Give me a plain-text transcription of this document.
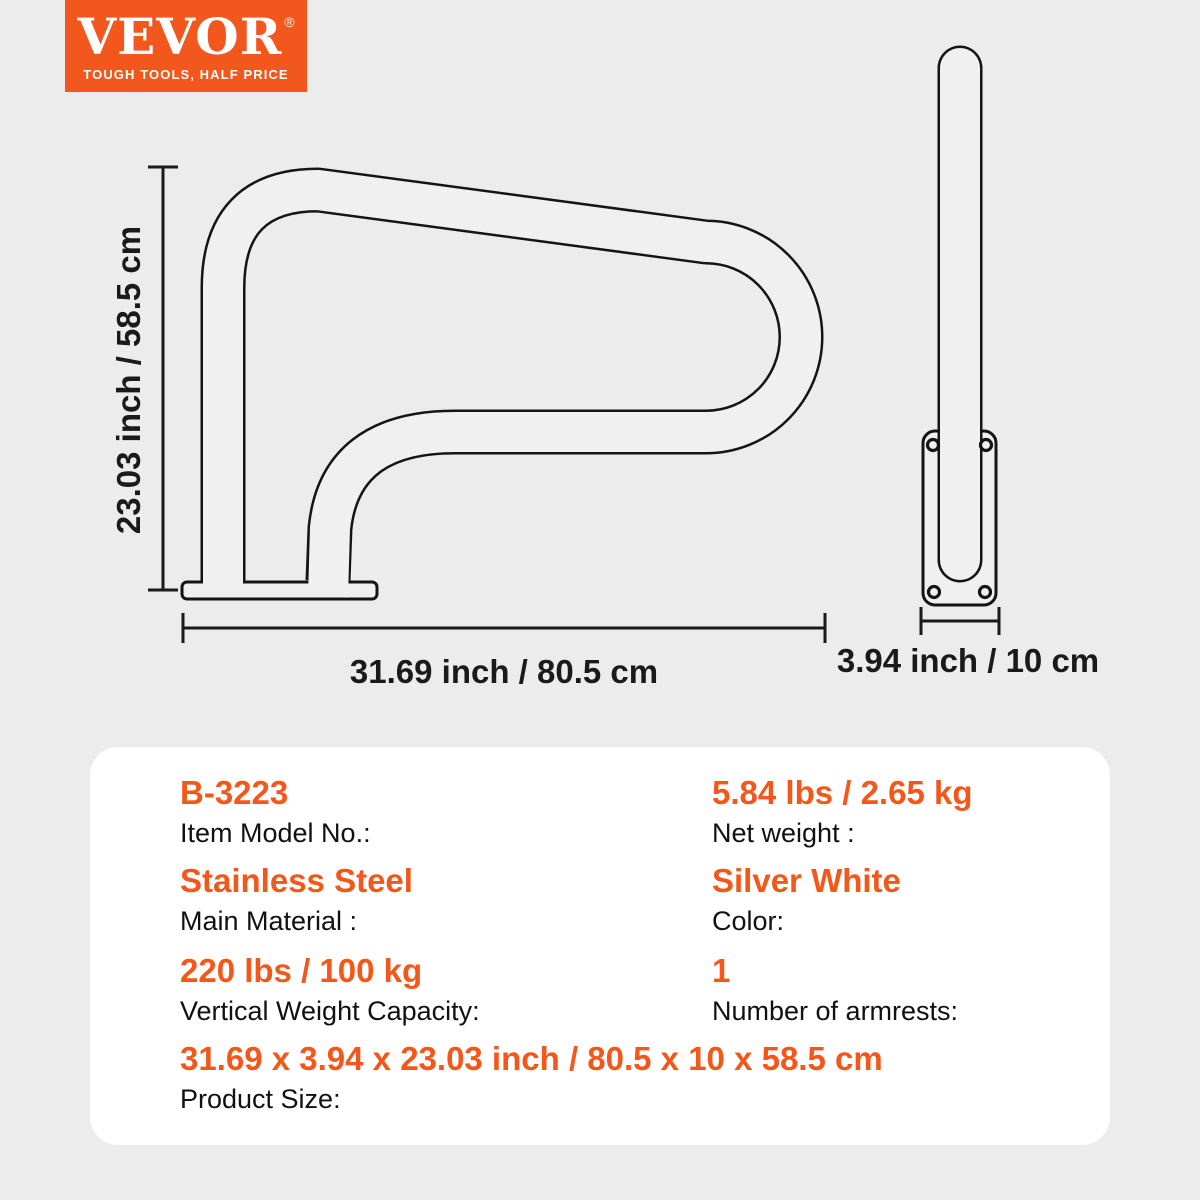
VEVOR ®
TOUGH TOOLS, HALF PRICE
23.03 inch / 58.5 cm
31.69 inch / 80.5 cm	3.94 inch / 10 cm
B-3223
Item Model No.:
5.84 lbs / 2.65 kg
Net weight :
Stainless Steel
Main Material :
Silver White
Color:
220 lbs / 100 kg
Vertical Weight Capacity:
1
Number of armrests:
31.69 x 3.94 x 23.03 inch / 80.5 x 10 x 58.5 cm
Product Size:
